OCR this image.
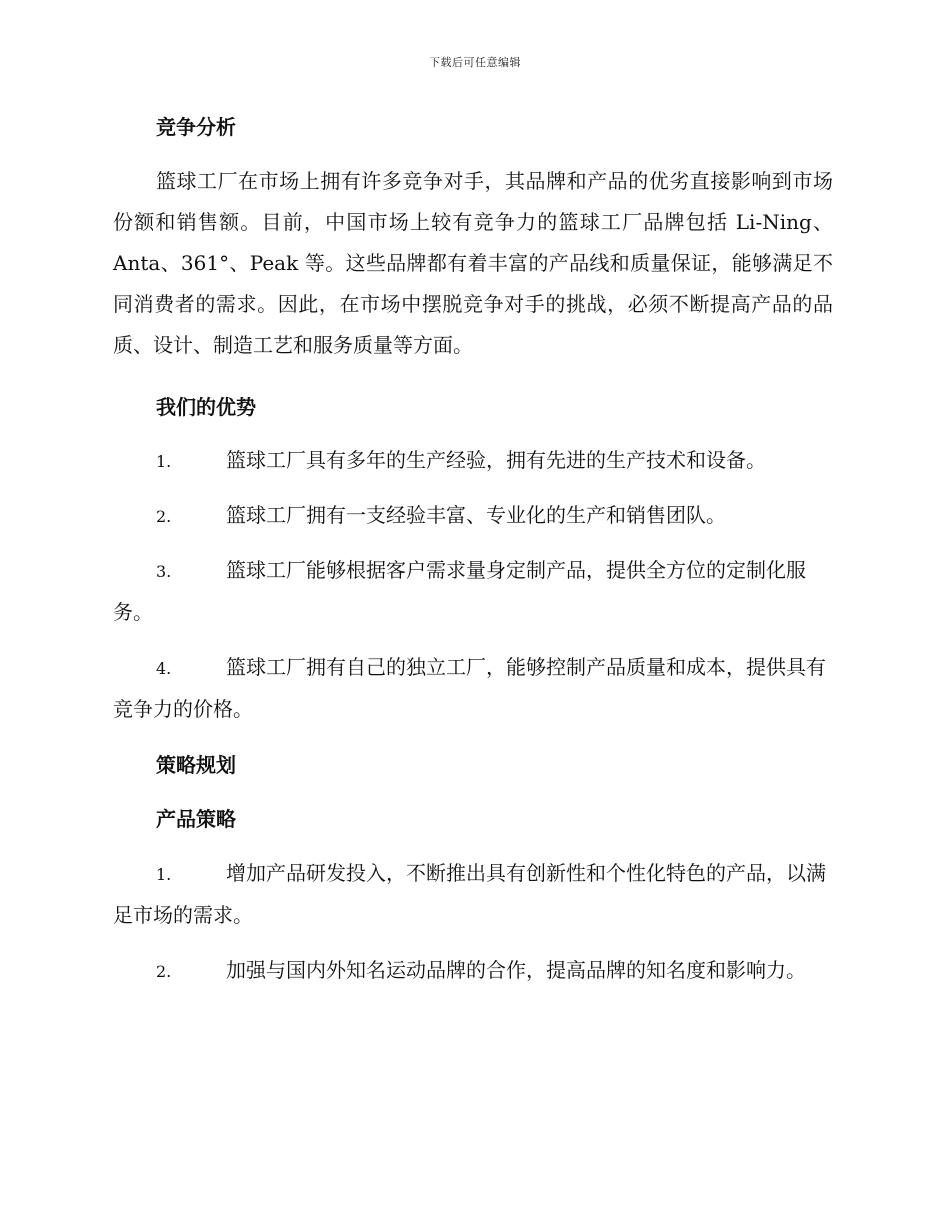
下载后可任意编辑
竞争分析
篮球工厂在市场上拥有许多竞争对手，其品牌和产品的优劣直接影响到市场份额和销售额。目前，中国市场上较有竞争力的篮球工厂品牌包括 Li-Ning、Anta、361°、Peak 等。这些品牌都有着丰富的产品线和质量保证，能够满足不同消费者的需求。因此，在市场中摆脱竞争对手的挑战，必须不断提高产品的品质、设计、制造工艺和服务质量等方面。
我们的优势
1.	篮球工厂具有多年的生产经验，拥有先进的生产技术和设备。
2.	篮球工厂拥有一支经验丰富、专业化的生产和销售团队。
3.	篮球工厂能够根据客户需求量身定制产品，提供全方位的定制化服务。
4.	篮球工厂拥有自己的独立工厂，能够控制产品质量和成本，提供具有竞争力的价格。
策略规划
产品策略
1.	增加产品研发投入，不断推出具有创新性和个性化特色的产品，以满足市场的需求。
2.	加强与国内外知名运动品牌的合作，提高品牌的知名度和影响力。
